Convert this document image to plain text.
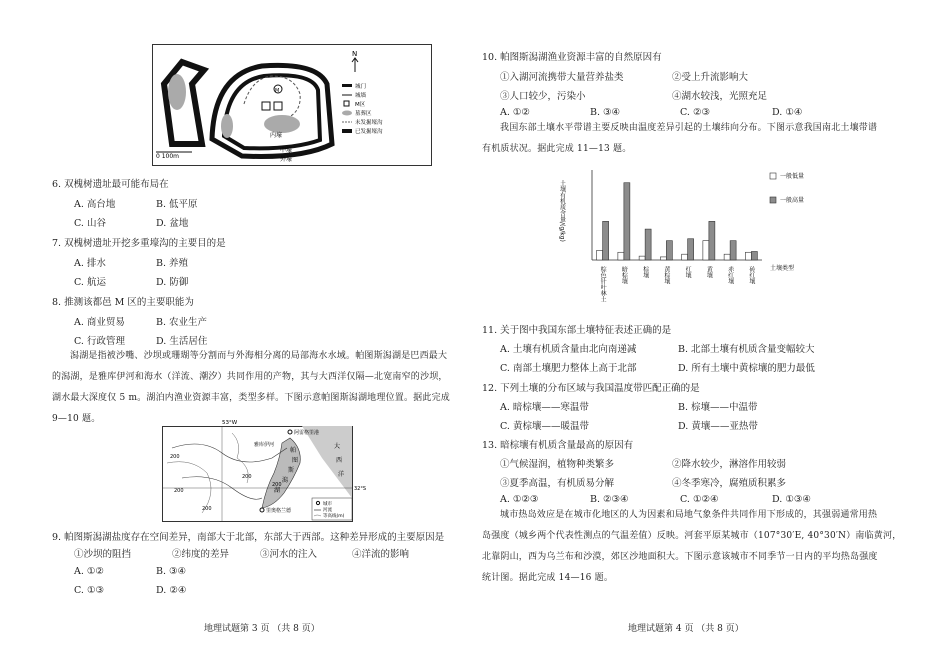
M
内壕
中壕
外壕
N
0 100m
城门
城墙
M区
墓葬区
未发掘壕沟
已发掘壕沟
6. 双槐树遗址最可能布局在
A. 高台地	B. 低平原
C. 山谷	D. 盆地
7. 双槐树遗址开挖多重壕沟的主要目的是
A. 排水	B. 养殖
C. 航运	D. 防御
8. 推测该都邑 M 区的主要职能为
A. 商业贸易	B. 农业生产
C. 行政管理	D. 生活居住
潟湖是指被沙嘴、沙坝或珊瑚等分割而与外海相分离的局部海水水域。帕图斯潟湖是巴西最大
的潟湖，是雅库伊河和海水（洋流、潮汐）共同作用的产物，其与大西洋仅隔—北宽南窄的沙坝，
湖水最大深度仅 5 m。湖泊内渔业资源丰富，类型多样。下图示意帕图斯潟湖地理位置。据此完成
9—10 题。	53°W
200
200
200
200
200
阿雷格里港
里奥格兰德
雅库伊河
帕
图
斯
潟
湖
大
西
洋
32°S
城市
河流
等高线(m)
9. 帕图斯潟湖盐度存在空间差异，南部大于北部，东部大于西部。这种差异形成的主要原因是
①沙坝的阻挡	②纬度的差异	③河水的注入	④洋流的影响
A. ①②	B. ③④
C. ①③	D. ②④
地理试题第 3 页 （共 8 页）
10. 帕图斯潟湖渔业资源丰富的自然原因有
①入湖河流携带大量营养盐类	②受上升流影响大
③人口较少，污染小	④湖水较浅，光照充足
A. ①②	B. ③④	C. ②③	D. ①④
我国东部土壤水平带谱主要反映由温度差异引起的土壤纬向分布。下图示意我国南北土壤带谱
有机质状况。据此完成 11—13 题。
土壤有机质含量/(g/kg)
棕色针叶林土 暗棕壤 棕壤 黄棕壤 红壤 黄壤 赤红壤 砖红壤	土壤类型
一般低量
一般高量
11. 关于图中我国东部土壤特征表述正确的是
A. 土壤有机质含量由北向南递减	B. 北部土壤有机质含量变幅较大
C. 南部土壤肥力整体上高于北部	D. 所有土壤中黄棕壤的肥力最低
12. 下列土壤的分布区域与我国温度带匹配正确的是
A. 暗棕壤——寒温带	B. 棕壤——中温带
C. 黄棕壤——暖温带	D. 黄壤——亚热带
13. 暗棕壤有机质含量最高的原因有
①气候湿润，植物种类繁多	②降水较少，淋溶作用较弱
③夏季高温，有机质易分解	④冬季寒冷，腐殖质积累多
A. ①②③	B. ②③④	C. ①②④	D. ①③④
城市热岛效应是在城市化地区的人为因素和局地气象条件共同作用下形成的，其强弱通常用热
岛强度（城乡两个代表性测点的气温差值）反映。河套平原某城市（107°30′E, 40°30′N）南临黄河，
北靠阴山，西为乌兰布和沙漠，郊区沙地面积大。下图示意该城市不同季节一日内的平均热岛强度
统计图。据此完成 14—16 题。
地理试题第 4 页 （共 8 页）
